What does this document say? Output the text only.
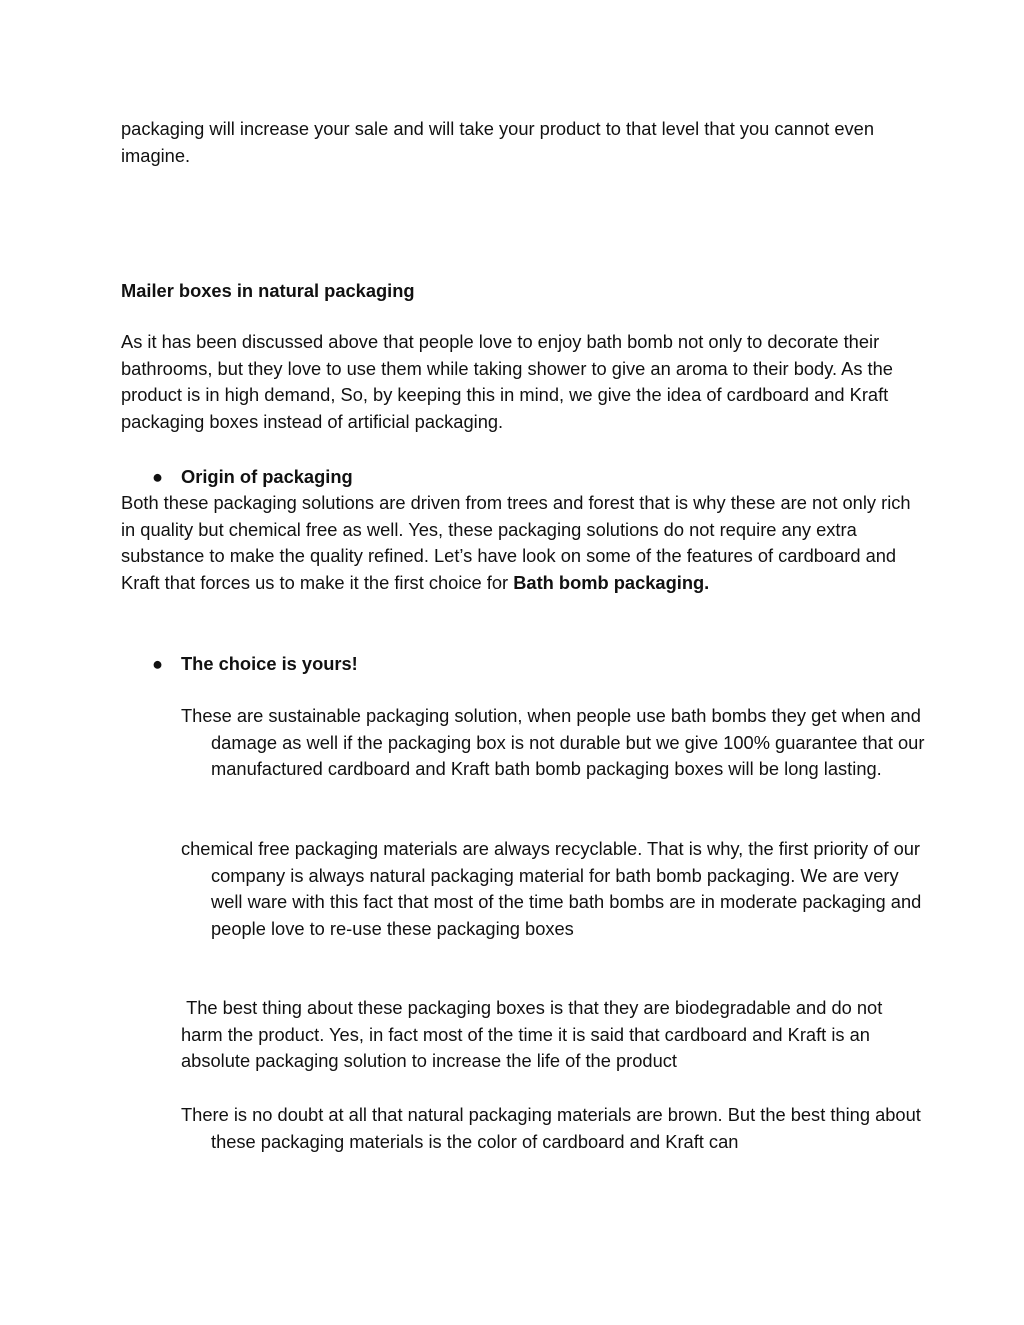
packaging will increase your sale and will take your product to that level that you cannot even imagine.

Mailer boxes in natural packaging

As it has been discussed above that people love to enjoy bath bomb not only to decorate their bathrooms, but they love to use them while taking shower to give an aroma to their body. As the product is in high demand, So, by keeping this in mind, we give the idea of cardboard and Kraft packaging boxes instead of artificial packaging.

● Origin of packaging

Both these packaging solutions are driven from trees and forest that is why these are not only rich in quality but chemical free as well. Yes, these packaging solutions do not require any extra substance to make the quality refined. Let’s have look on some of the features of cardboard and Kraft that forces us to make it the first choice for Bath bomb packaging.

● The choice is yours!

These are sustainable packaging solution, when people use bath bombs they get when and damage as well if the packaging box is not durable but we give 100% guarantee that our manufactured cardboard and Kraft bath bomb packaging boxes will be long lasting.

chemical free packaging materials are always recyclable. That is why, the first priority of our company is always natural packaging material for bath bomb packaging. We are very well ware with this fact that most of the time bath bombs are in moderate packaging and people love to re-use these packaging boxes

The best thing about these packaging boxes is that they are biodegradable and do not harm the product. Yes, in fact most of the time it is said that cardboard and Kraft is an absolute packaging solution to increase the life of the product

There is no doubt at all that natural packaging materials are brown. But the best thing about these packaging materials is the color of cardboard and Kraft can
